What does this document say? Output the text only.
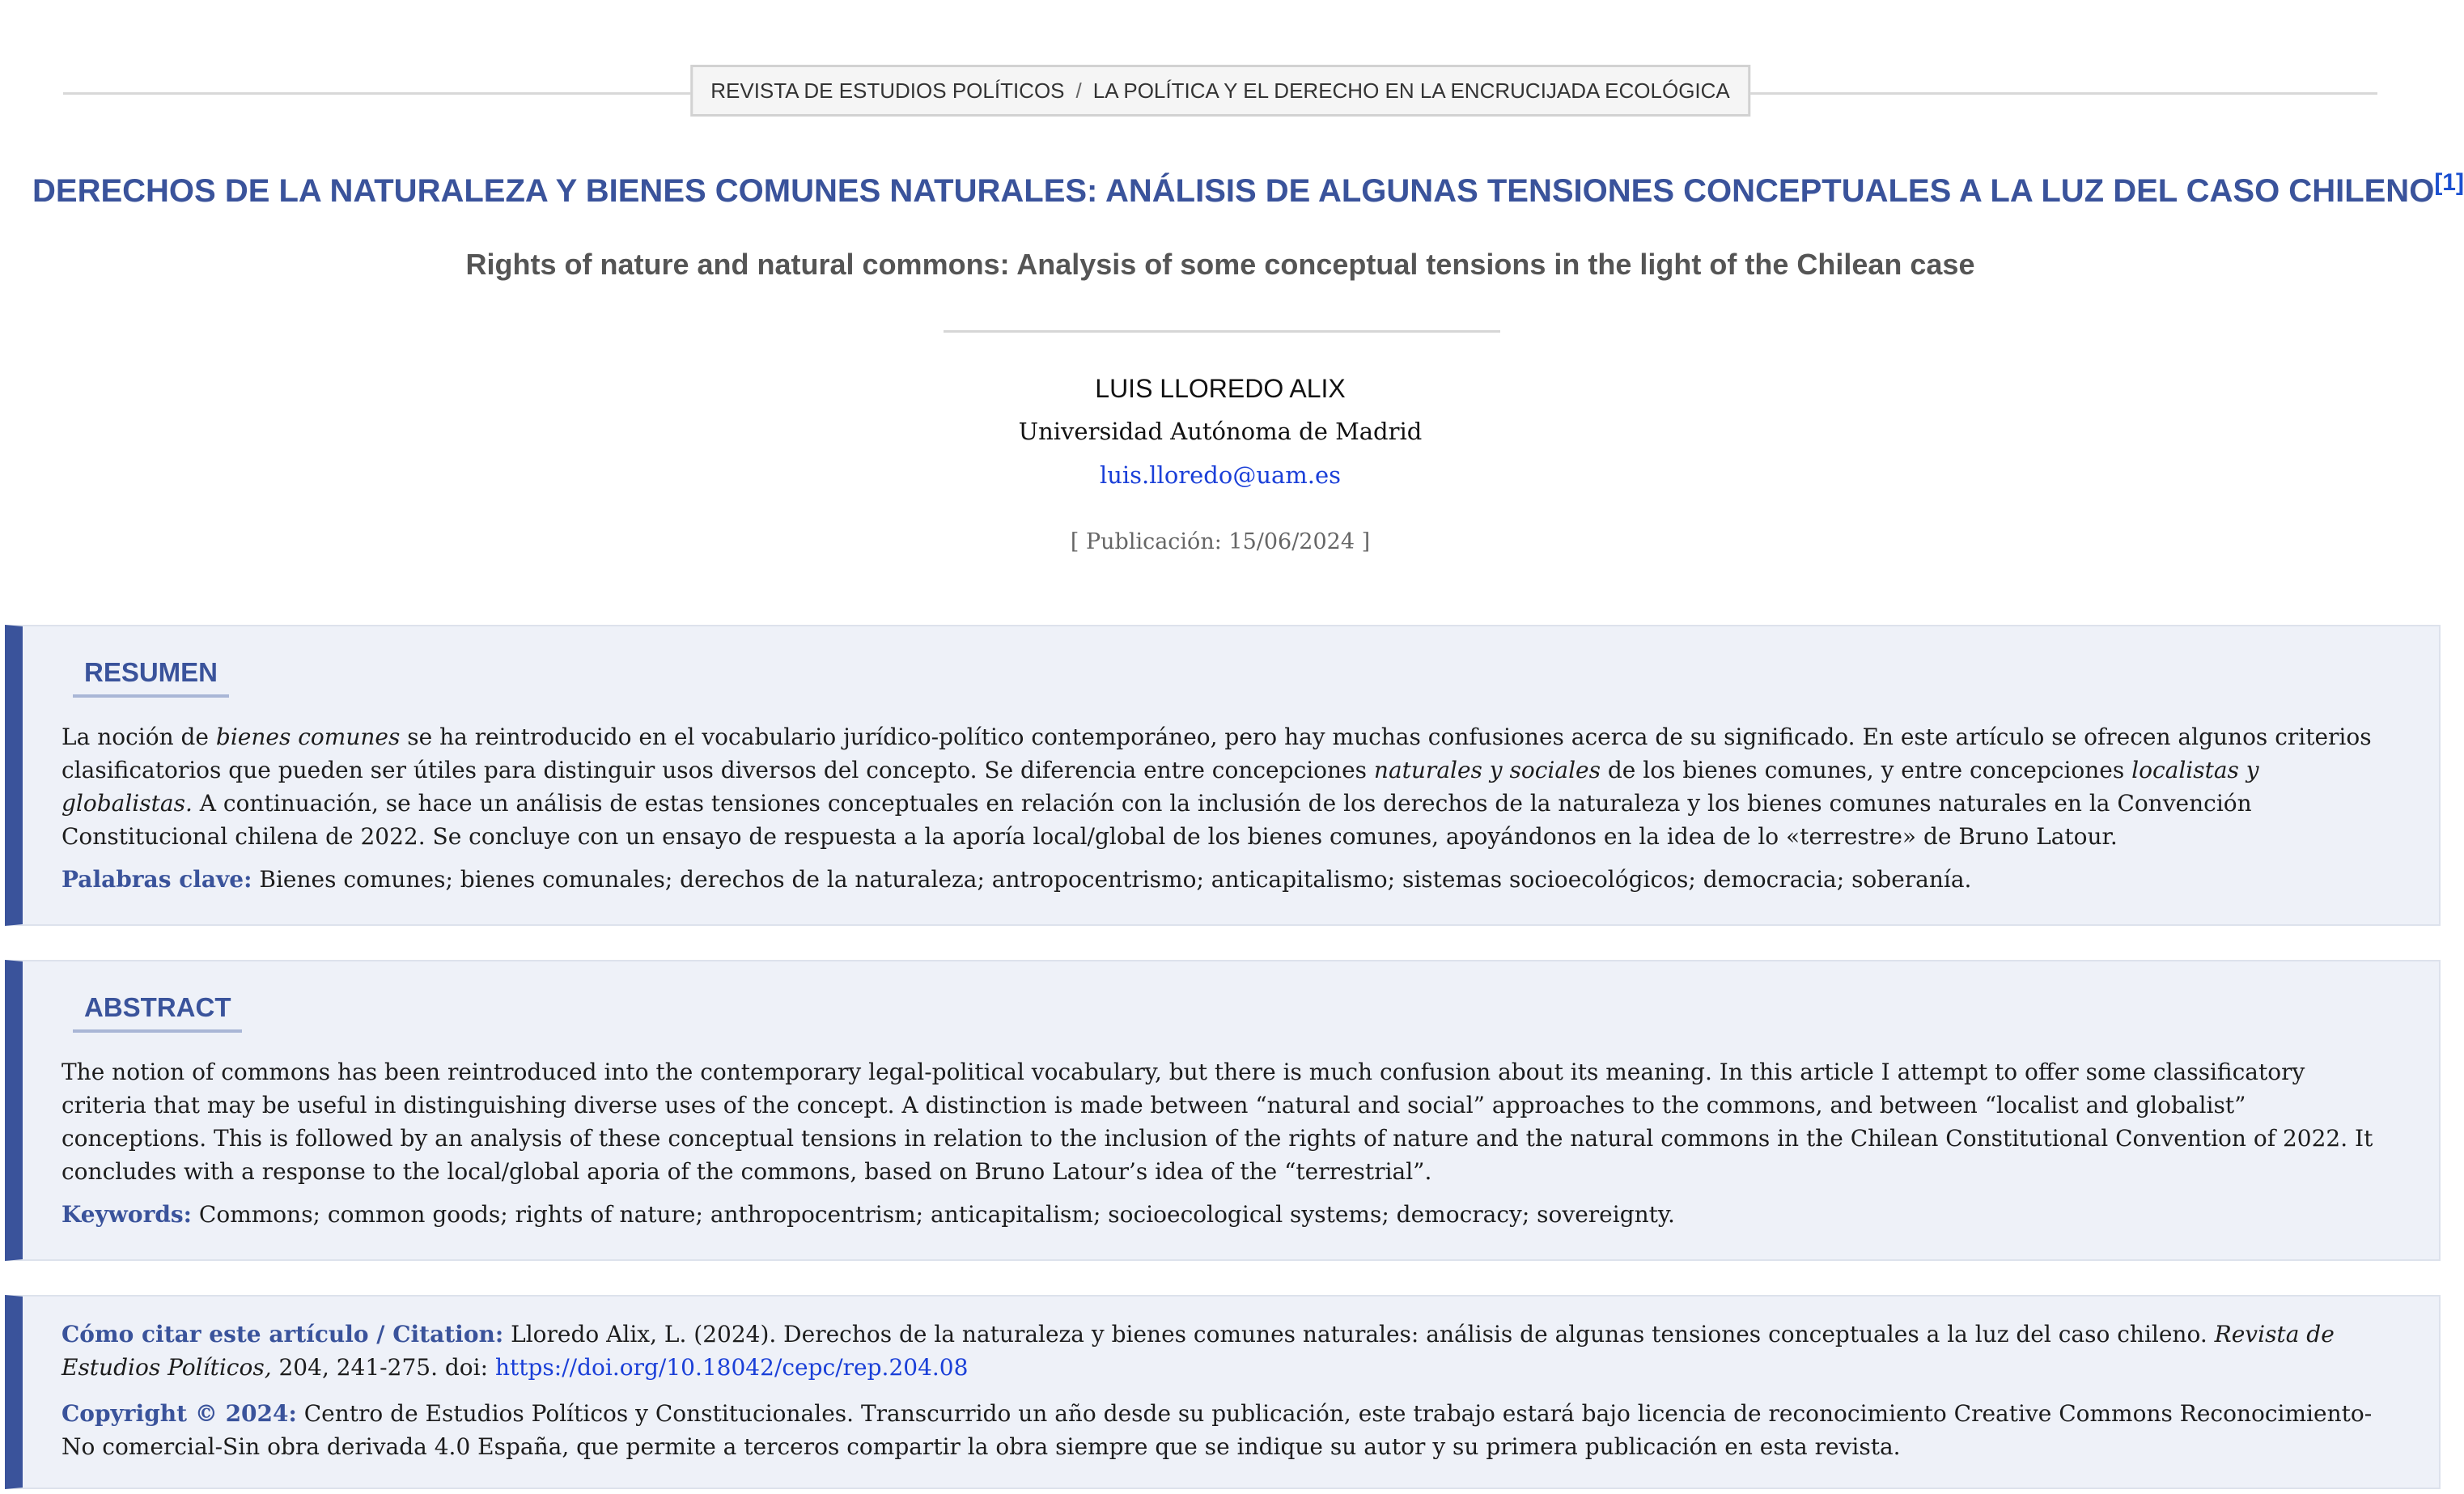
REVISTA DE ESTUDIOS POLÍTICOS / LA POLÍTICA Y EL DERECHO EN LA ENCRUCIJADA ECOLÓGICA
DERECHOS DE LA NATURALEZA Y BIENES COMUNES NATURALES: ANÁLISIS DE ALGUNAS TENSIONES CONCEPTUALES A LA LUZ DEL CASO CHILENO[1]
Rights of nature and natural commons: Analysis of some conceptual tensions in the light of the Chilean case
LUIS LLOREDO ALIX
Universidad Autónoma de Madrid
luis.lloredo@uam.es
[ Publicación: 15/06/2024 ]
RESUMEN

La noción de bienes comunes se ha reintroducido en el vocabulario jurídico-político contemporáneo, pero hay muchas confusiones acerca de su significado. En este artículo se ofrecen algunos criterios clasificatorios que pueden ser útiles para distinguir usos diversos del concepto. Se diferencia entre concepciones naturales y sociales de los bienes comunes, y entre concepciones localistas y globalistas. A continuación, se hace un análisis de estas tensiones conceptuales en relación con la inclusión de los derechos de la naturaleza y los bienes comunes naturales en la Convención Constitucional chilena de 2022. Se concluye con un ensayo de respuesta a la aporía local/global de los bienes comunes, apoyándonos en la idea de lo «terrestre» de Bruno Latour.

Palabras clave: Bienes comunes; bienes comunales; derechos de la naturaleza; antropocentrismo; anticapitalismo; sistemas socioecológicos; democracia; soberanía.

ABSTRACT

The notion of commons has been reintroduced into the contemporary legal-political vocabulary, but there is much confusion about its meaning. In this article I attempt to offer some classificatory criteria that may be useful in distinguishing diverse uses of the concept. A distinction is made between “natural and social” approaches to the commons, and between “localist and globalist” conceptions. This is followed by an analysis of these conceptual tensions in relation to the inclusion of the rights of nature and the natural commons in the Chilean Constitutional Convention of 2022. It concludes with a response to the local/global aporia of the commons, based on Bruno Latour’s idea of the “terrestrial”.

Keywords: Commons; common goods; rights of nature; anthropocentrism; anticapitalism; socioecological systems; democracy; sovereignty.

Cómo citar este artículo / Citation: Lloredo Alix, L. (2024). Derechos de la naturaleza y bienes comunes naturales: análisis de algunas tensiones conceptuales a la luz del caso chileno. Revista de Estudios Políticos, 204, 241-275. doi: https://doi.org/10.18042/cepc/rep.204.08

Copyright © 2024: Centro de Estudios Políticos y Constitucionales. Transcurrido un año desde su publicación, este trabajo estará bajo licencia de reconocimiento Creative Commons Reconocimiento-No comercial-Sin obra derivada 4.0 España, que permite a terceros compartir la obra siempre que se indique su autor y su primera publicación en esta revista.
